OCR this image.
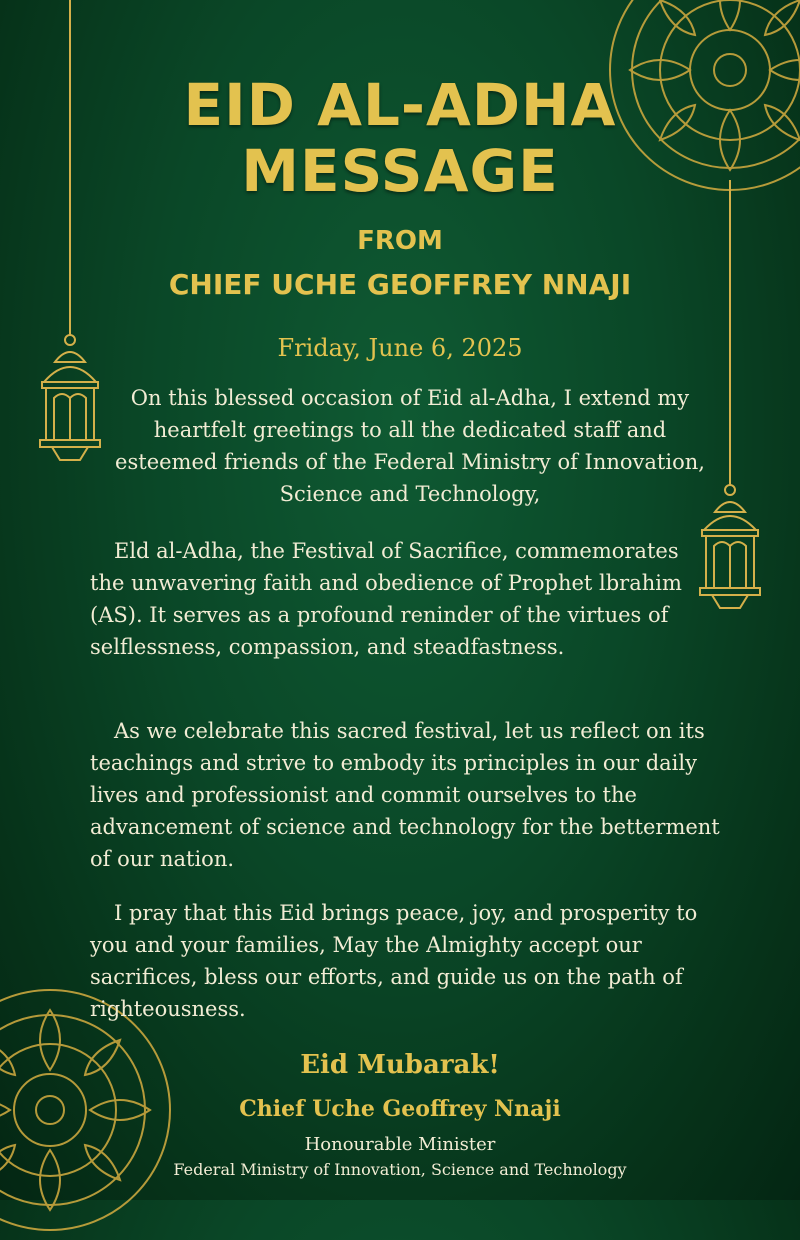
EID AL-ADHA MESSAGE
FROM
CHIEF UCHE GEOFFREY NNAJI
Friday, June 6, 2025
On this blessed occasion of Eid al-Adha, I extend my heartfelt greetings to all the dedicated staff and esteemed friends of the Federal Ministry of Innovation, Science and Technology,
Eld al-Adha, the Festival of Sacrifice, commemorates the unwavering faith and obedience of Prophet lbrahim (AS). It serves as a profound reninder of the virtues of selflessness, compassion, and steadfastness.
As we celebrate this sacred festival, let us reflect on its teachings and strive to embody its principles in our daily lives and professionist and commit ourselves to the advancement of science and technology for the betterment of our nation.
I pray that this Eid brings peace, joy, and prosperity to you and your families, May the Almighty accept our sacrifices, bless our efforts, and guide us on the path of righteousness.
Eid Mubarak!
Chief Uche Geoffrey Nnaji
Honourable Minister
Federal Ministry of Innovation, Science and Technology
